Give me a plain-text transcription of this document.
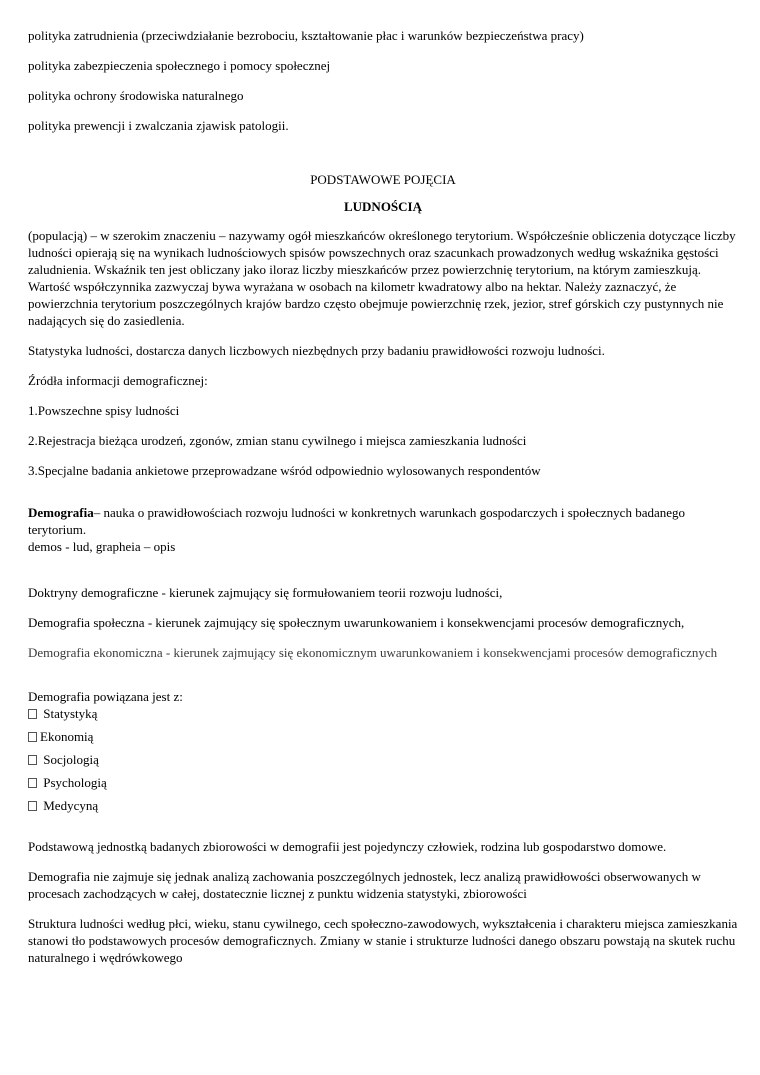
polityka zatrudnienia (przeciwdziałanie bezrobociu, kształtowanie płac i warunków bezpieczeństwa pracy)

polityka zabezpieczenia społecznego i pomocy społecznej

polityka ochrony środowiska naturalnego

polityka prewencji i zwalczania zjawisk patologii.

PODSTAWOWE POJĘCIA

LUDNOŚCIĄ

(populacją) – w szerokim znaczeniu – nazywamy ogół mieszkańców określonego terytorium. Współcześnie obliczenia dotyczące liczby ludności opierają się na wynikach ludnościowych spisów powszechnych oraz szacunkach prowadzonych według wskaźnika gęstości zaludnienia. Wskaźnik ten jest obliczany jako iloraz liczby mieszkańców przez powierzchnię terytorium, na którym zamieszkują. Wartość współczynnika zazwyczaj bywa wyrażana w osobach na kilometr kwadratowy albo na hektar. Należy zaznaczyć, że powierzchnia terytorium poszczególnych krajów bardzo często obejmuje powierzchnię rzek, jezior, stref górskich czy pustynnych nie nadających się do zasiedlenia.

Statystyka ludności, dostarcza danych liczbowych niezbędnych przy badaniu prawidłowości rozwoju ludności.

Źródła informacji demograficznej:

1.Powszechne spisy ludności

2.Rejestracja bieżąca urodzeń, zgonów, zmian stanu cywilnego i miejsca zamieszkania ludności

3.Specjalne badania ankietowe przeprowadzane wśród odpowiednio wylosowanych respondentów

Demografia– nauka o prawidłowościach rozwoju ludności w konkretnych warunkach gospodarczych i społecznych badanego terytorium.

demos - lud, grapheia – opis

Doktryny demograficzne - kierunek zajmujący się formułowaniem teorii rozwoju ludności,

Demografia społeczna - kierunek zajmujący się społecznym uwarunkowaniem i konsekwencjami procesów demograficznych,

Demografia ekonomiczna - kierunek zajmujący się ekonomicznym uwarunkowaniem i konsekwencjami procesów demograficznych

Demografia powiązana jest z:

Statystyką
Ekonomią
Socjologią
Psychologią
Medycyną

Podstawową jednostką badanych zbiorowości w demografii jest pojedynczy człowiek, rodzina lub gospodarstwo domowe.

Demografia nie zajmuje się jednak analizą zachowania poszczególnych jednostek, lecz analizą prawidłowości obserwowanych w procesach zachodzących w całej, dostatecznie licznej z punktu widzenia statystyki, zbiorowości

Struktura ludności według płci, wieku, stanu cywilnego, cech społeczno-zawodowych, wykształcenia i charakteru miejsca zamieszkania stanowi tło podstawowych procesów demograficznych. Zmiany w stanie i strukturze ludności danego obszaru powstają na skutek ruchu naturalnego i wędrówkowego
